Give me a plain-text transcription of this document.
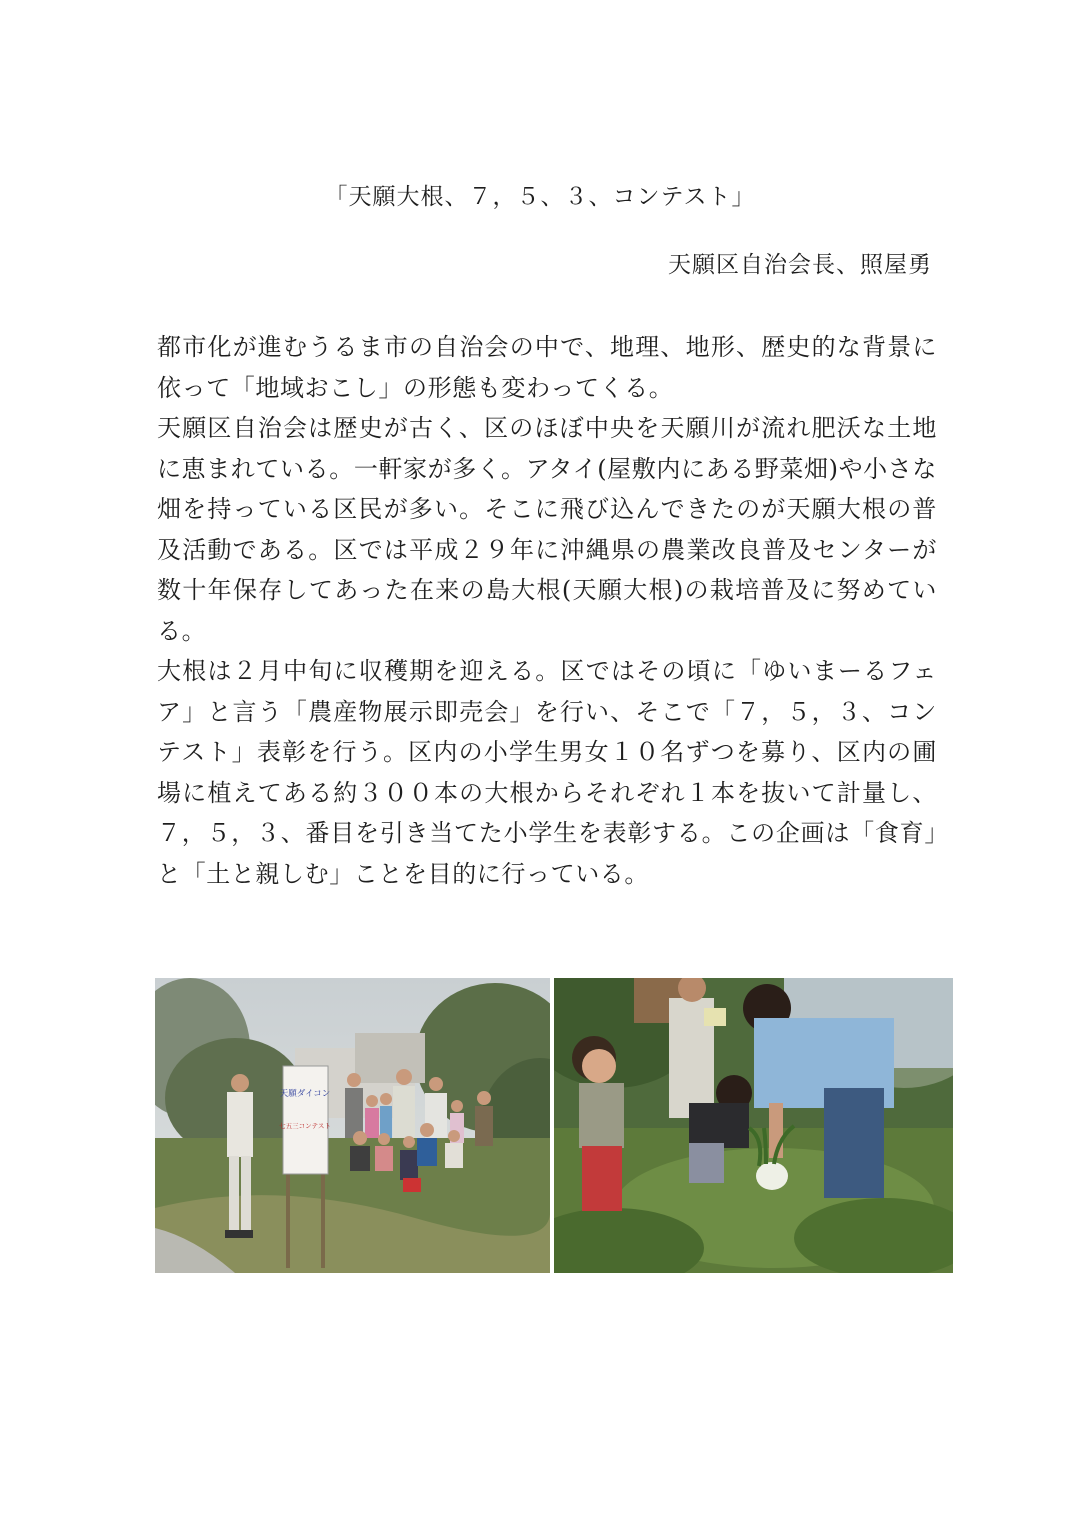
「天願大根、７，５、３、コンテスト」
天願区自治会長、照屋勇

都市化が進むうるま市の自治会の中で、地理、地形、歴史的な背景に依って「地域おこし」の形態も変わってくる。

天願区自治会は歴史が古く、区のほぼ中央を天願川が流れ肥沃な土地に恵まれている。一軒家が多く。アタイ(屋敷内にある野菜畑)や小さな畑を持っている区民が多い。そこに飛び込んできたのが天願大根の普及活動である。区では平成２９年に沖縄県の農業改良普及センターが数十年保存してあった在来の島大根(天願大根)の栽培普及に努めている。

大根は２月中旬に収穫期を迎える。区ではその頃に「ゆいまーるフェア」と言う「農産物展示即売会」を行い、そこで「７，５，３、コンテスト」表彰を行う。区内の小学生男女１０名ずつを募り、区内の圃場に植えてある約３００本の大根からそれぞれ１本を抜いて計量し、７，５，３、番目を引き当てた小学生を表彰する。この企画は「食育」と「土と親しむ」ことを目的に行っている。

天願ダイコン
七五三コンテスト
